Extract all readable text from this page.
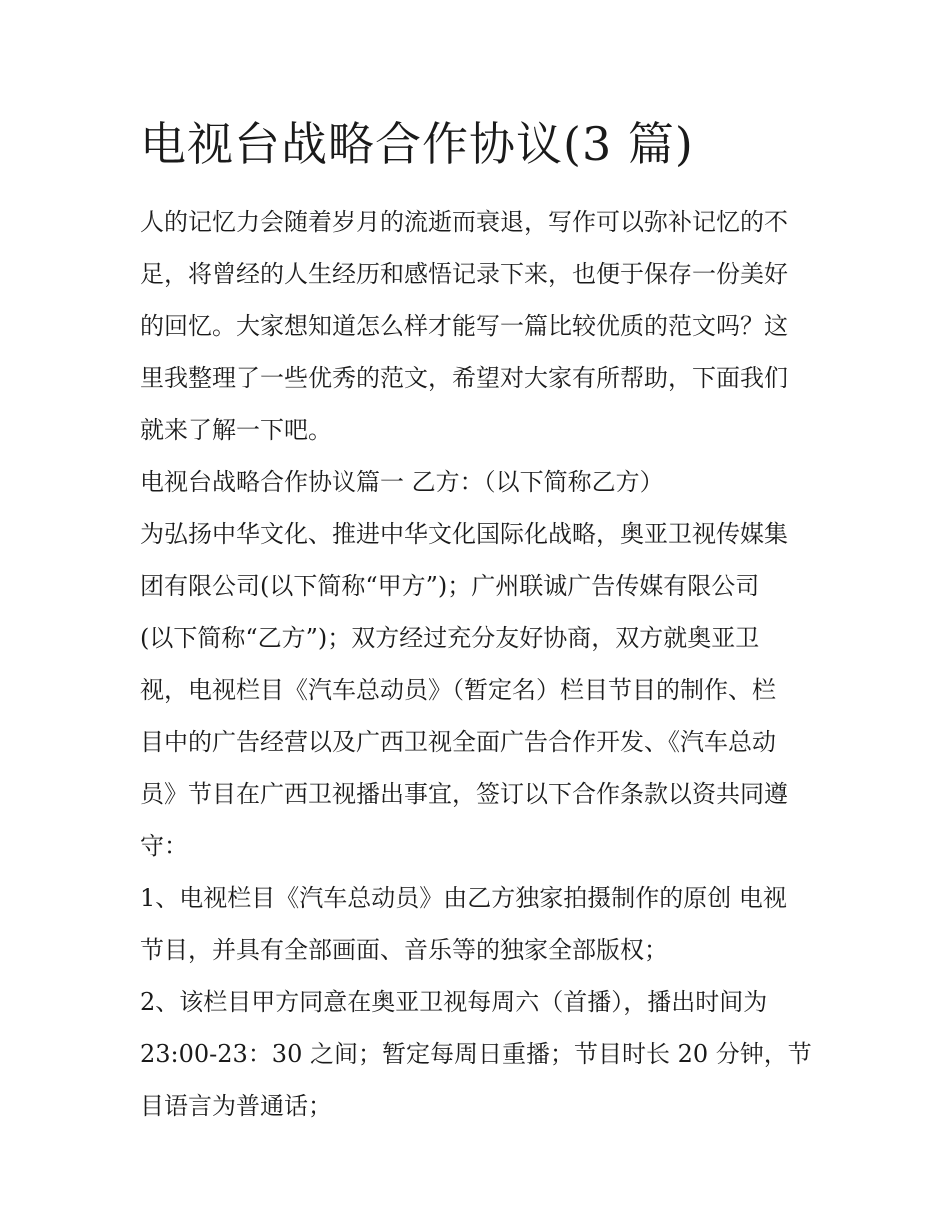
电视台战略合作协议(3 篇)

人的记忆力会随着岁月的流逝而衰退，写作可以弥补记忆的不
足，将曾经的人生经历和感悟记录下来，也便于保存一份美好
的回忆。大家想知道怎么样才能写一篇比较优质的范文吗？这
里我整理了一些优秀的范文，希望对大家有所帮助，下面我们
就来了解一下吧。

电视台战略合作协议篇一 乙方：（以下简称乙方）

为弘扬中华文化、推进中华文化国际化战略，奥亚卫视传媒集
团有限公司(以下简称“甲方”)；广州联诚广告传媒有限公司
(以下简称“乙方”)；双方经过充分友好协商，双方就奥亚卫
视，电视栏目《汽车总动员》（暂定名）栏目节目的制作、栏
目中的广告经营以及广西卫视全面广告合作开发、《汽车总动
员》节目在广西卫视播出事宜，签订以下合作条款以资共同遵
守：

1、电视栏目《汽车总动员》由乙方独家拍摄制作的原创 电视
节目，并具有全部画面、音乐等的独家全部版权；

2、该栏目甲方同意在奥亚卫视每周六（首播），播出时间为
23:00-23：30 之间；暂定每周日重播；节目时长 20 分钟，节
目语言为普通话；
